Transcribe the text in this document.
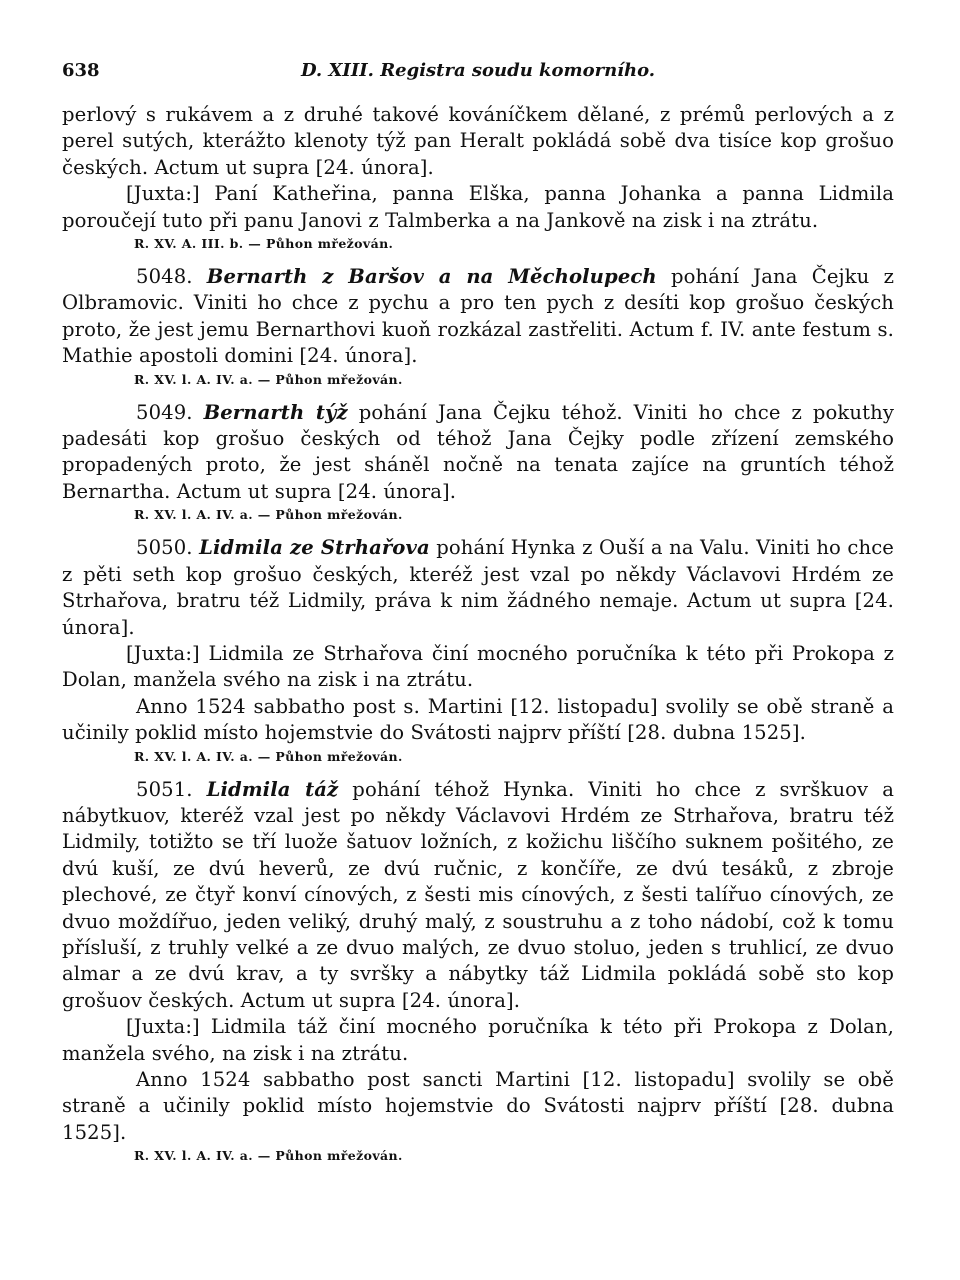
638	D. XIII. Registra soudu komorního.

perlový s rukávem a z druhé takové kováníčkem dělané, z prémů perlových a z perel sutých, kterážto klenoty týž pan Heralt pokládá sobě dva tisíce kop grošuo českých. Actum ut supra [24. února].

[Juxta:] Paní Katheřina, panna Elška, panna Johanka a panna Lidmila poroučejí tuto při panu Janovi z Talmberka a na Jankově na zisk i na ztrátu.

R. XV. A. III. b. — Půhon mřežován.

5048. Bernarth z Baršov a na Měcholupech pohání Jana Čejku z Olbramovic. Viniti ho chce z pychu a pro ten pych z desíti kop grošuo českých proto, že jest jemu Bernarthovi kuoň rozkázal zastřeliti. Actum f. IV. ante festum s. Mathie apostoli domini [24. února].

R. XV. l. A. IV. a. — Půhon mřežován.

5049. Bernarth týž pohání Jana Čejku téhož. Viniti ho chce z pokuthy padesáti kop grošuo českých od téhož Jana Čejky podle zřízení zemského propadených proto, že jest sháněl nočně na tenata zajíce na gruntích téhož Bernartha. Actum ut supra [24. února].

R. XV. l. A. IV. a. — Půhon mřežován.

5050. Lidmila ze Strhařova pohání Hynka z Ouší a na Valu. Viniti ho chce z pěti seth kop grošuo českých, kteréž jest vzal po někdy Václavovi Hrdém ze Strhařova, bratru též Lidmily, práva k nim žádného nemaje. Actum ut supra [24. února].

[Juxta:] Lidmila ze Strhařova činí mocného poručníka k této při Prokopa z Dolan, manžela svého na zisk i na ztrátu.

Anno 1524 sabbatho post s. Martini [12. listopadu] svolily se obě straně a učinily poklid místo hojemstvie do Svátosti najprv příští [28. dubna 1525].

R. XV. l. A. IV. a. — Půhon mřežován.

5051. Lidmila táž pohání téhož Hynka. Viniti ho chce z svrškuov a nábytkuov, kteréž vzal jest po někdy Václavovi Hrdém ze Strhařova, bratru též Lidmily, totižto se tří luože šatuov ložních, z kožichu liščího suknem pošitého, ze dvú kuší, ze dvú heverů, ze dvú ručnic, z končíře, ze dvú tesáků, z zbroje plechové, ze čtyř konví cínových, z šesti mis cínových, z šesti talířuo cínových, ze dvuo moždířuo, jeden veliký, druhý malý, z soustruhu a z toho nádobí, což k tomu přísluší, z truhly velké a ze dvuo malých, ze dvuo stoluo, jeden s truhlicí, ze dvuo almar a ze dvú krav, a ty svršky a nábytky táž Lidmila pokládá sobě sto kop grošuov českých. Actum ut supra [24. února].

[Juxta:] Lidmila táž činí mocného poručníka k této při Prokopa z Dolan, manžela svého, na zisk i na ztrátu.

Anno 1524 sabbatho post sancti Martini [12. listopadu] svolily se obě straně a učinily poklid místo hojemstvie do Svátosti najprv příští [28. dubna 1525].

R. XV. l. A. IV. a. — Půhon mřežován.
